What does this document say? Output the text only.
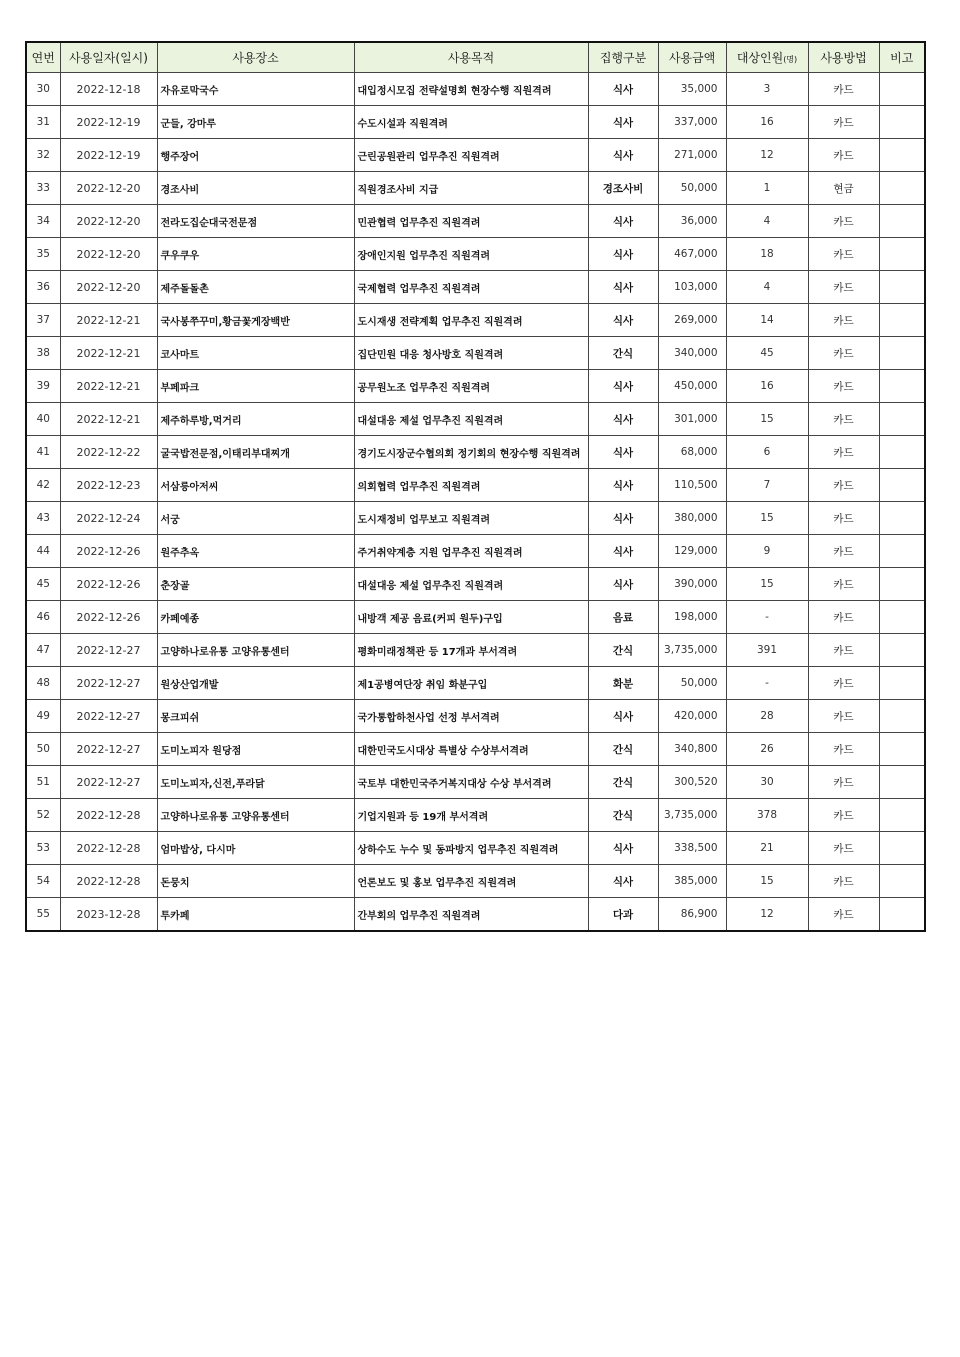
연번	사용일자(일시)	사용장소	사용목적	집행구분	사용금액	대상인원(명)	사용방법	비고
30	2022-12-18	자유로막국수	대입정시모집 전략설명회 현장수행 직원격려	식사	35,000	3	카드	
31	2022-12-19	군들, 강마루	수도시설과 직원격려	식사	337,000	16	카드	
32	2022-12-19	행주장어	근린공원관리 업무추진 직원격려	식사	271,000	12	카드	
33	2022-12-20	경조사비	직원경조사비 지급	경조사비	50,000	1	현금	
34	2022-12-20	전라도집순대국전문점	민관협력 업무추진 직원격려	식사	36,000	4	카드	
35	2022-12-20	쿠우쿠우	장애인지원 업무추진 직원격려	식사	467,000	18	카드	
36	2022-12-20	제주돌돌촌	국제협력 업무추진 직원격려	식사	103,000	4	카드	
37	2022-12-21	국사봉쭈꾸미,황금꽃게장백반	도시재생 전략계획 업무추진 직원격려	식사	269,000	14	카드	
38	2022-12-21	코사마트	집단민원 대응 청사방호 직원격려	간식	340,000	45	카드	
39	2022-12-21	부페파크	공무원노조 업무추진 직원격려	식사	450,000	16	카드	
40	2022-12-21	제주하루방,먹거리	대설대응 제설 업무추진 직원격려	식사	301,000	15	카드	
41	2022-12-22	굴국밥전문점,이태리부대찌개	경기도시장군수협의회 정기회의 현장수행 직원격려	식사	68,000	6	카드	
42	2022-12-23	서삼릉아저씨	의회협력 업무추진 직원격려	식사	110,500	7	카드	
43	2022-12-24	서궁	도시재정비 업무보고 직원격려	식사	380,000	15	카드	
44	2022-12-26	원주추옥	주거취약계층 지원 업무추진 직원격려	식사	129,000	9	카드	
45	2022-12-26	춘장골	대설대응 제설 업무추진 직원격려	식사	390,000	15	카드	
46	2022-12-26	카페예종	내방객 제공 음료(커피 원두)구입	음료	198,000	-	카드	
47	2022-12-27	고양하나로유통 고양유통센터	평화미래정책관 등 17개과 부서격려	간식	3,735,000	391	카드	
48	2022-12-27	원상산업개발	제1공병여단장 취임 화분구입	화분	50,000	-	카드	
49	2022-12-27	몽크피쉬	국가통합하천사업 선정 부서격려	식사	420,000	28	카드	
50	2022-12-27	도미노피자 원당점	대한민국도시대상 특별상 수상부서격려	간식	340,800	26	카드	
51	2022-12-27	도미노피자,신전,푸라닭	국토부 대한민국주거복지대상 수상 부서격려	간식	300,520	30	카드	
52	2022-12-28	고양하나로유통 고양유통센터	기업지원과 등 19개 부서격려	간식	3,735,000	378	카드	
53	2022-12-28	엄마밥상, 다시마	상하수도 누수 및 동파방지 업무추진 직원격려	식사	338,500	21	카드	
54	2022-12-28	돈뭉치	언론보도 및 홍보 업무추진 직원격려	식사	385,000	15	카드	
55	2023-12-28	투카페	간부회의 업무추진 직원격려	다과	86,900	12	카드	
